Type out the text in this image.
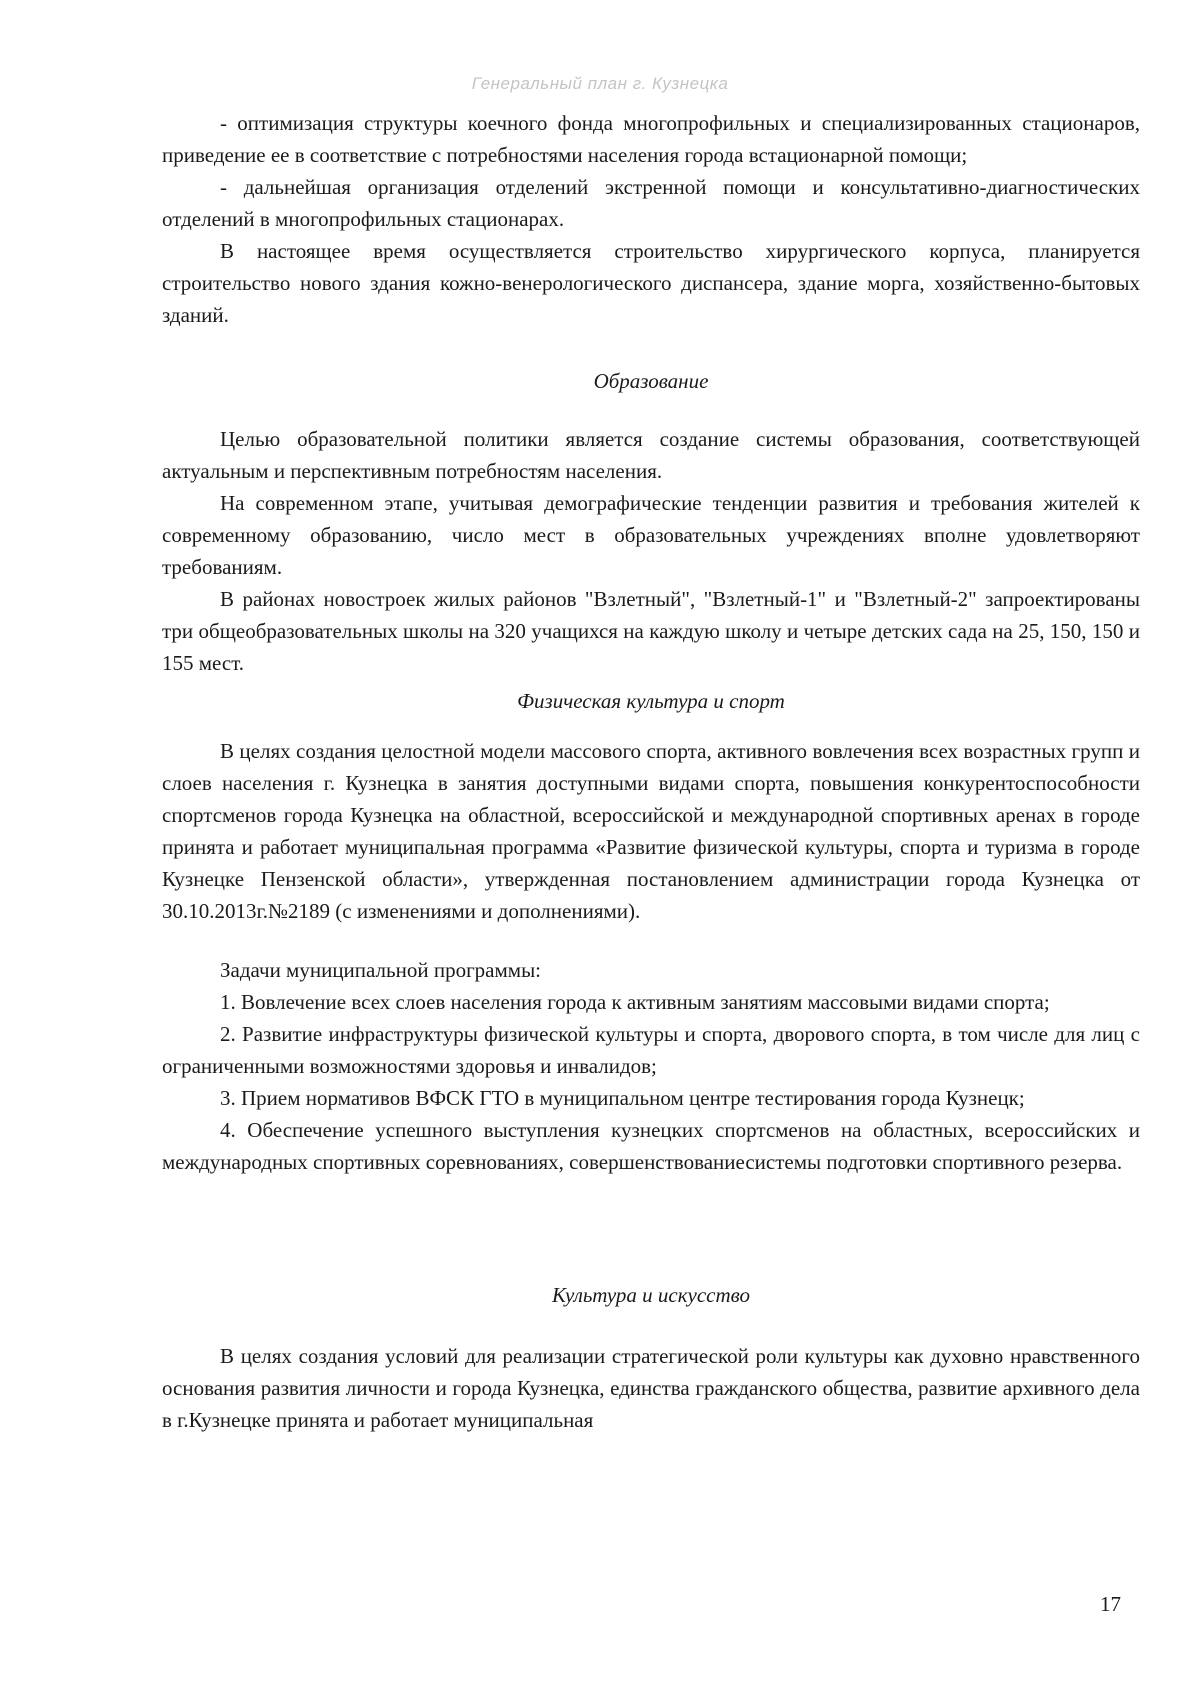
Генеральный план г. Кузнецка

- оптимизация структуры коечного фонда многопрофильных и специализированных стационаров, приведение ее в соответствие с потребностями населения города встационарной помощи;

- дальнейшая организация отделений экстренной помощи и консультативно-диагностических отделений в многопрофильных стационарах.

В настоящее время осуществляется строительство хирургического корпуса, планируется строительство нового здания кожно-венерологического диспансера, здание морга, хозяйственно-бытовых зданий.

Образование

Целью образовательной политики является создание системы образования, соответствующей актуальным и перспективным потребностям населения.

На современном этапе, учитывая демографические тенденции развития и требования жителей к современному образованию, число мест в образовательных учреждениях вполне удовлетворяют требованиям.

В районах новостроек жилых районов "Взлетный", "Взлетный-1" и "Взлетный-2" запроектированы три общеобразовательных школы на 320 учащихся на каждую школу и четыре детских сада на 25, 150, 150 и 155 мест.

Физическая культура и спорт

В целях создания целостной модели массового спорта, активного вовлечения всех возрастных групп и слоев населения г. Кузнецка в занятия доступными видами спорта, повышения конкурентоспособности спортсменов города Кузнецка на областной, всероссийской и международной спортивных аренах в городе принята и работает муниципальная программа «Развитие физической культуры, спорта и туризма в городе Кузнецке Пензенской области», утвержденная постановлением администрации города Кузнецка от 30.10.2013г.№2189 (с изменениями и дополнениями).

Задачи муниципальной программы:

1. Вовлечение всех слоев населения города к активным занятиям массовыми видами спорта;

2. Развитие инфраструктуры физической культуры и спорта, дворового спорта, в том числе для лиц с ограниченными возможностями здоровья и инвалидов;

3. Прием нормативов ВФСК ГТО в муниципальном центре тестирования города Кузнецк;

4. Обеспечение успешного выступления кузнецких спортсменов на областных, всероссийских и международных спортивных соревнованиях, совершенствованиесистемы подготовки спортивного резерва.

Культура и искусство

В целях создания условий для реализации стратегической роли культуры как духовно нравственного основания развития личности и города Кузнецка, единства гражданского общества, развитие архивного дела в г.Кузнецке принята и работает муниципальная

17
